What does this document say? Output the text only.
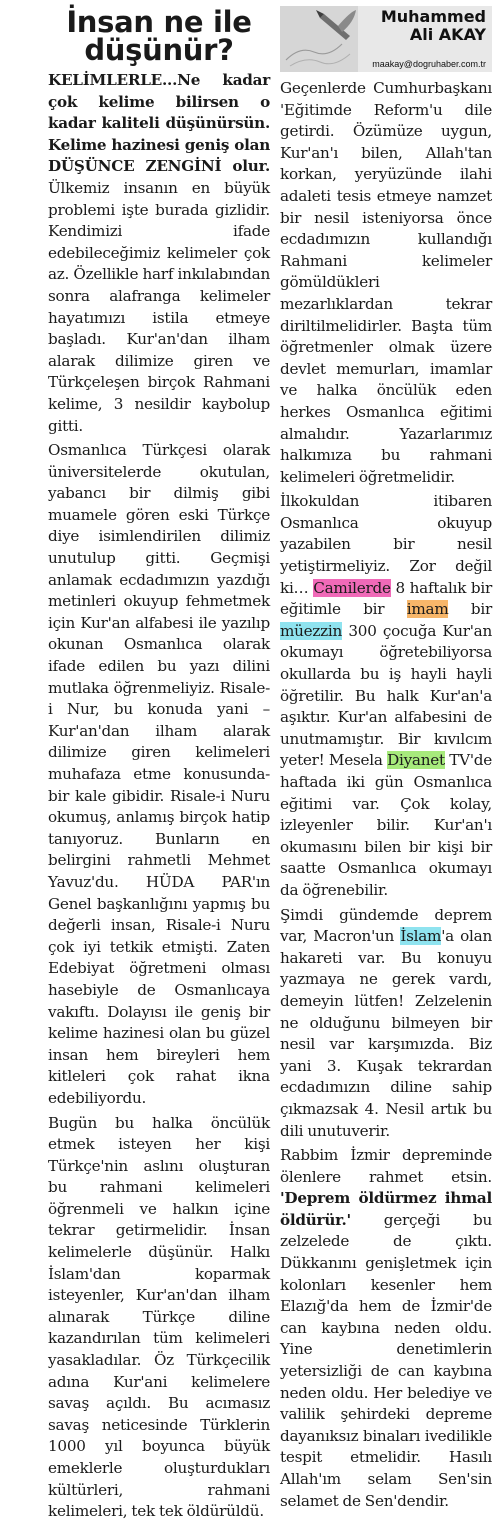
İnsan ne ile düşünür?

KELİMLERLE...Ne kadar çok kelime bilirsen o kadar kaliteli düşünürsün. Kelime hazinesi geniş olan DÜŞÜNCE ZENGİNİ olur. Ülkemiz insanın en büyük problemi işte burada gizlidir. Kendimizi ifade edebileceğimiz kelimeler çok az. Özellikle harf inkılabından sonra alafranga kelimeler hayatımızı istila etmeye başladı. Kur'an'dan ilham alarak dilimize giren ve Türkçeleşen birçok Rahmani kelime, 3 nesildir kaybolup gitti.

Osmanlıca Türkçesi olarak üniversitelerde okutulan, yabancı bir dilmiş gibi muamele gören eski Türkçe diye isimlendirilen dilimiz unutulup gitti. Geçmişi anlamak ecdadımızın yazdığı metinleri okuyup fehmetmek için Kur'an alfabesi ile yazılıp okunan Osmanlıca olarak ifade edilen bu yazı dilini mutlaka öğrenmeliyiz. Risale-i Nur, bu konuda yani –Kur'an'dan ilham alarak dilimize giren kelimeleri muhafaza etme konusunda- bir kale gibidir. Risale-i Nuru okumuş, anlamış birçok hatip tanıyoruz. Bunların en belirgini rahmetli Mehmet Yavuz'du. HÜDA PAR'ın Genel başkanlığını yapmış bu değerli insan, Risale-i Nuru çok iyi tetkik etmişti. Zaten Edebiyat öğretmeni olması hasebiyle de Osmanlıcaya vakıftı. Dolayısı ile geniş bir kelime hazinesi olan bu güzel insan hem bireyleri hem kitleleri çok rahat ikna edebiliyordu.

Bugün bu halka öncülük etmek isteyen her kişi Türkçe'nin aslını oluşturan bu rahmani kelimeleri öğrenmeli ve halkın içine tekrar getirmelidir. İnsan kelimelerle düşünür. Halkı İslam'dan koparmak isteyenler, Kur'an'dan ilham alınarak Türkçe diline kazandırılan tüm kelimeleri yasakladılar. Öz Türkçecilik adına Kur'ani kelimelere savaş açıldı. Bu acımasız savaş neticesinde Türklerin 1000 yıl boyunca büyük emeklerle oluşturdukları kültürleri, rahmani kelimeleri, tek tek öldürüldü.

Muhammed
Ali AKAY
maakay@dogruhaber.com.tr

Geçenlerde Cumhurbaşkanı 'Eğitimde Reform'u dile getirdi. Özümüze uygun, Kur'an'ı bilen, Allah'tan korkan, yeryüzünde ilahi adaleti tesis etmeye namzet bir nesil isteniyorsa önce ecdadımızın kullandığı Rahmani kelimeler gömüldükleri mezarlıklardan tekrar diriltilmelidirler. Başta tüm öğretmenler olmak üzere devlet memurları, imamlar ve halka öncülük eden herkes Osmanlıca eğitimi almalıdır. Yazarlarımız halkımıza bu rahmani kelimeleri öğretmelidir.

İlkokuldan itibaren Osmanlıca okuyup yazabilen bir nesil yetiştirmeliyiz. Zor değil ki… Camilerde 8 haftalık bir eğitimle bir imam bir müezzin 300 çocuğa Kur'an okumayı öğretebiliyorsa okullarda bu iş hayli hayli öğretilir. Bu halk Kur'an'a aşıktır. Kur'an alfabesini de unutmamıştır. Bir kıvılcım yeter! Mesela Diyanet TV'de haftada iki gün Osmanlıca eğitimi var. Çok kolay, izleyenler bilir. Kur'an'ı okumasını bilen bir kişi bir saatte Osmanlıca okumayı da öğrenebilir.

Şimdi gündemde deprem var, Macron'un İslam'a olan hakareti var. Bu konuyu yazmaya ne gerek vardı, demeyin lütfen! Zelzelenin ne olduğunu bilmeyen bir nesil var karşımızda. Biz yani 3. Kuşak tekrardan ecdadımızın diline sahip çıkmazsak 4. Nesil artık bu dili unutuverir.

Rabbim İzmir depreminde ölenlere rahmet etsin. 'Deprem öldürmez ihmal öldürür.' gerçeği bu zelzelede de çıktı. Dükkanını genişletmek için kolonları kesenler hem Elazığ'da hem de İzmir'de can kaybına neden oldu. Yine denetimlerin yetersizliği de can kaybına neden oldu. Her belediye ve valilik şehirdeki depreme dayanıksız binaları ivedilikle tespit etmelidir. Hasılı Allah'ım selam Sen'sin selamet de Sen'dendir.
